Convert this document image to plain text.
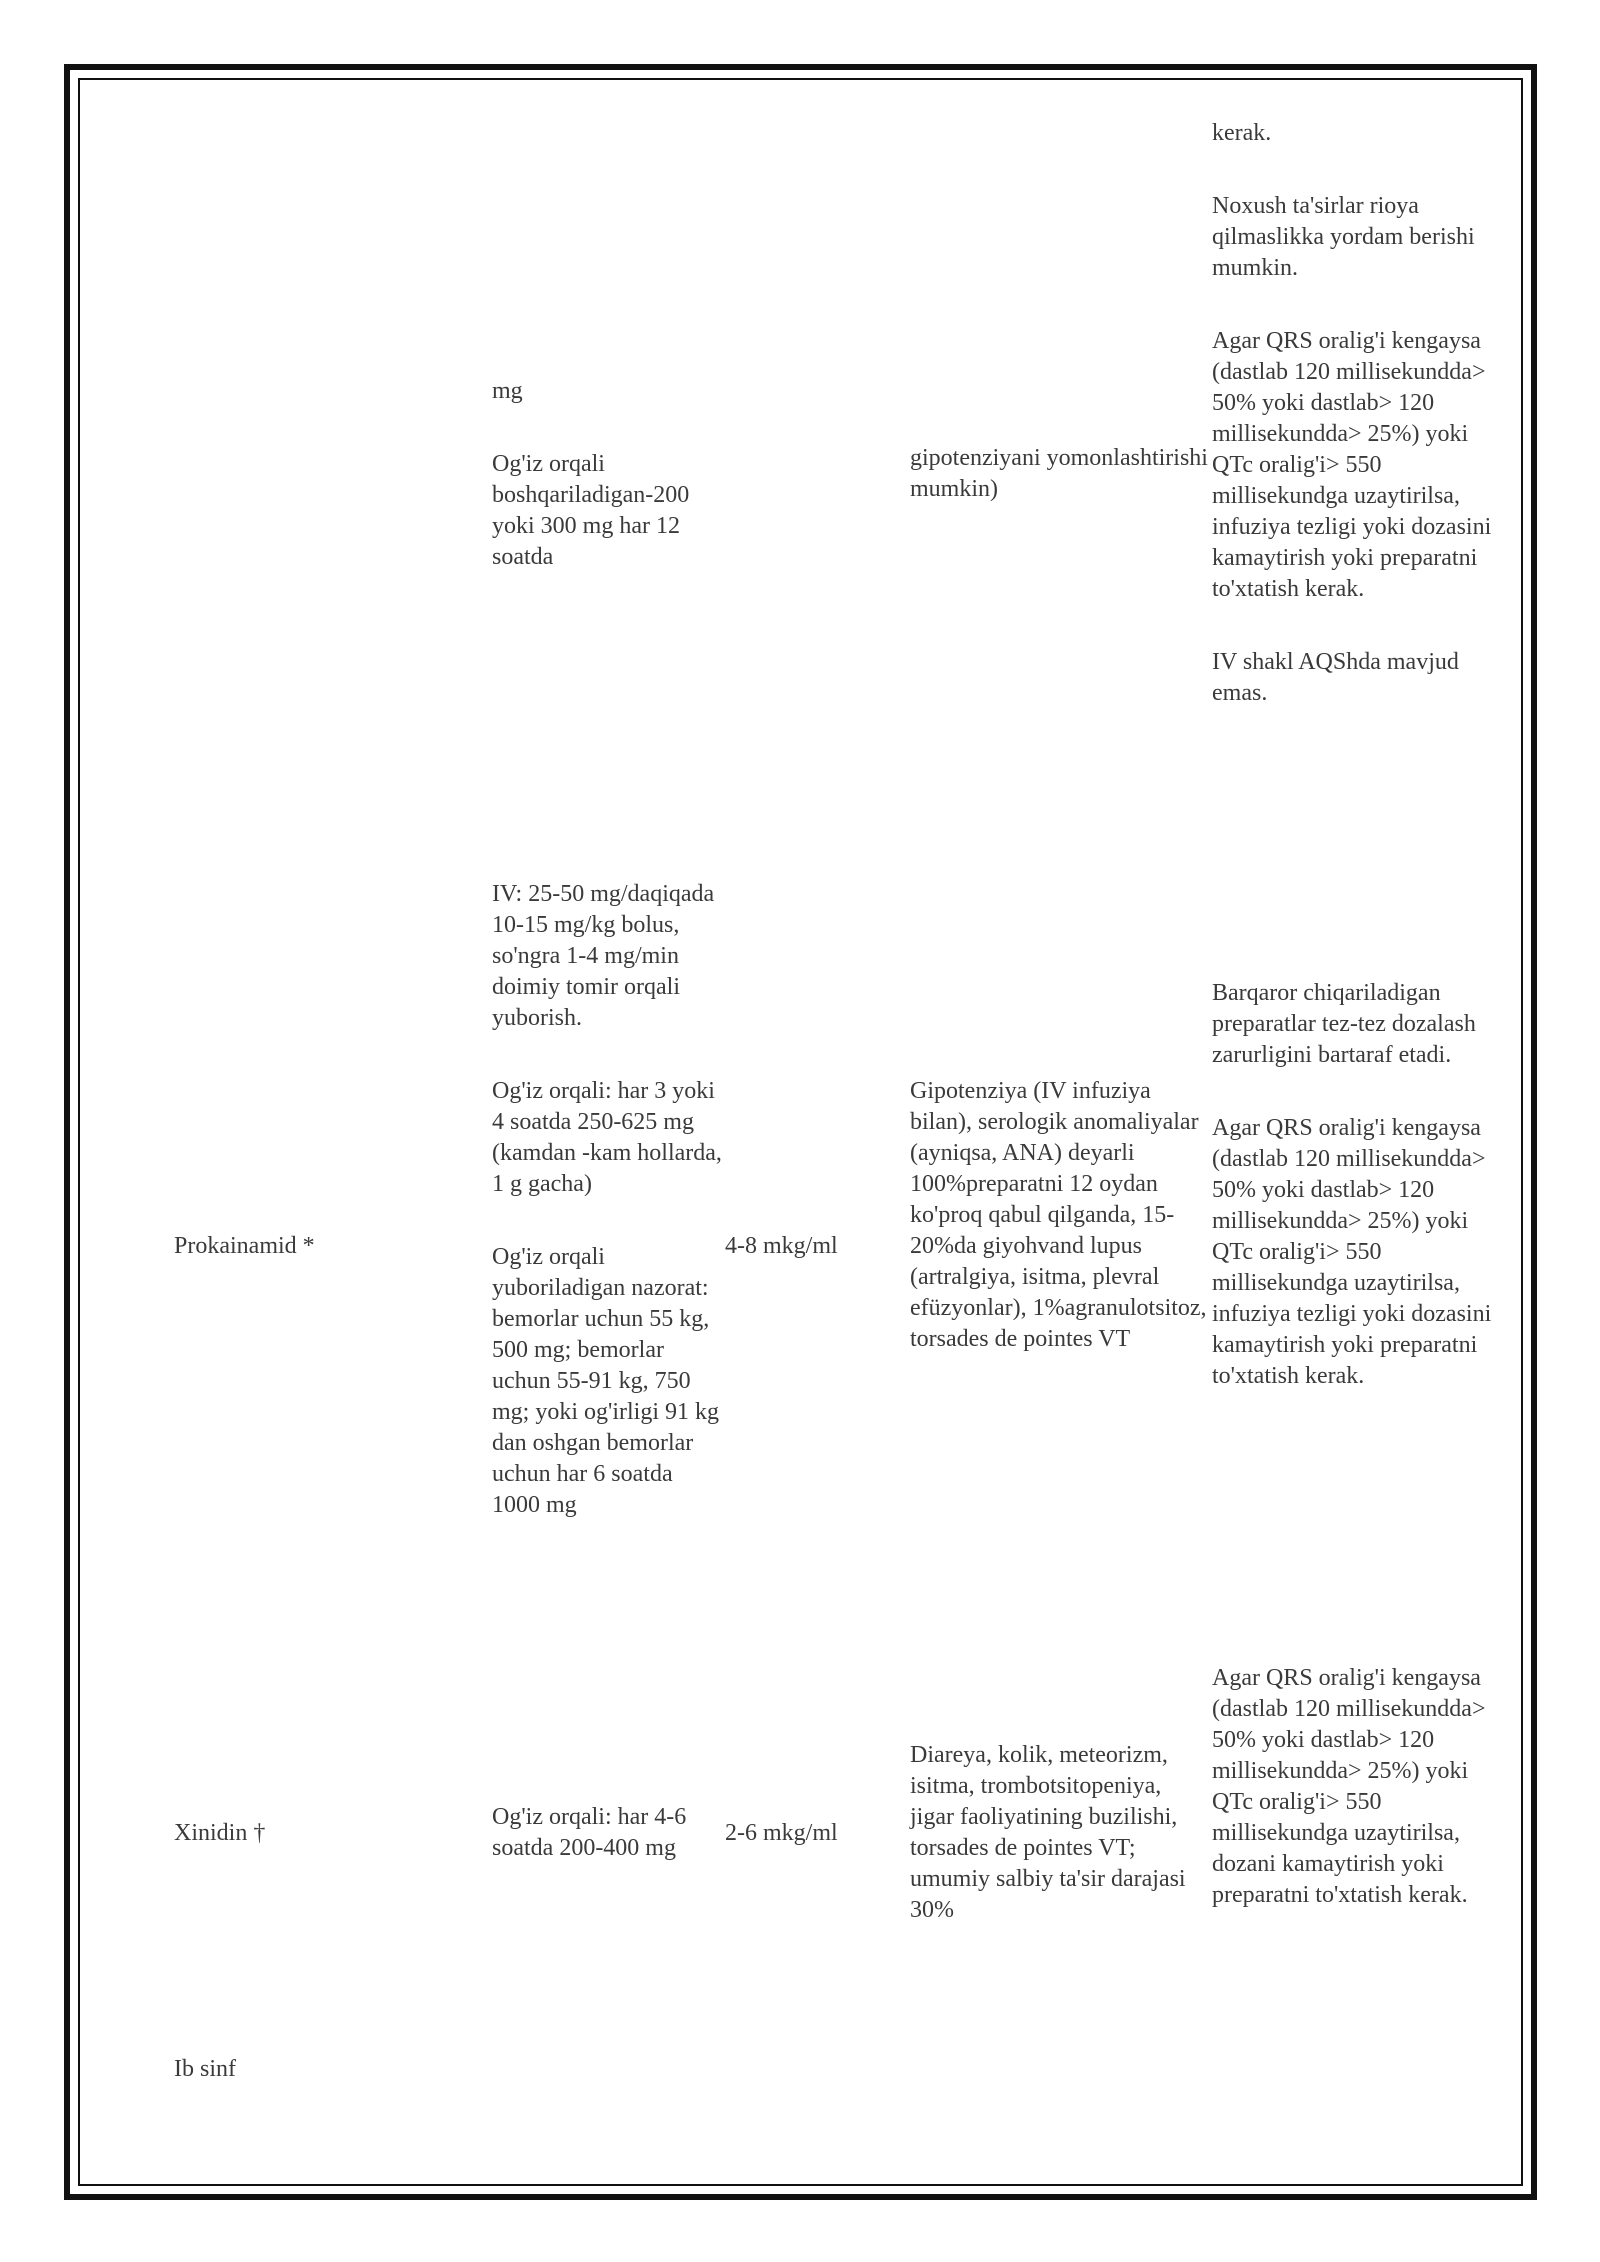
mg

Og'iz orqali boshqariladigan-200 yoki 300 mg har 12 soatda

gipotenziyani yomonlashtirishi mumkin)

kerak.

Noxush ta'sirlar rioya qilmaslikka yordam berishi mumkin.

Agar QRS oralig'i kengaysa (dastlab 120 millisekundda> 50% yoki dastlab> 120 millisekundda> 25%) yoki QTc oralig'i> 550 millisekundga uzaytirilsa, infuziya tezligi yoki dozasini kamaytirish yoki preparatni to'xtatish kerak.

IV shakl AQShda mavjud emas.

Prokainamid *

IV: 25-50 mg/daqiqada 10-15 mg/kg bolus, so'ngra 1-4 mg/min doimiy tomir orqali yuborish.

Og'iz orqali: har 3 yoki 4 soatda 250-625 mg (kamdan -kam hollarda, 1 g gacha)

Og'iz orqali yuboriladigan nazorat: bemorlar uchun 55 kg, 500 mg; bemorlar uchun 55-91 kg, 750 mg; yoki og'irligi 91 kg dan oshgan bemorlar uchun har 6 soatda 1000 mg

4-8 mkg/ml
Gipotenziya (IV infuziya bilan), serologik anomaliyalar (ayniqsa, ANA) deyarli 100%preparatni 12 oydan ko'proq qabul qilganda, 15-20%da giyohvand lupus (artralgiya, isitma, plevral efüzyonlar), 1%agranulotsitoz, torsades de pointes VT

Barqaror chiqariladigan preparatlar tez-tez dozalash zarurligini bartaraf etadi.

Agar QRS oralig'i kengaysa (dastlab 120 millisekundda> 50% yoki dastlab> 120 millisekundda> 25%) yoki QTc oralig'i> 550 millisekundga uzaytirilsa, infuziya tezligi yoki dozasini kamaytirish yoki preparatni to'xtatish kerak.

Xinidin †
Og'iz orqali: har 4-6 soatda 200-400 mg
2-6 mkg/ml
Diareya, kolik, meteorizm, isitma, trombotsitopeniya, jigar faoliyatining buzilishi, torsades de pointes VT; umumiy salbiy ta'sir darajasi 30%
Agar QRS oralig'i kengaysa (dastlab 120 millisekundda> 50% yoki dastlab> 120 millisekundda> 25%) yoki QTc oralig'i> 550 millisekundga uzaytirilsa, dozani kamaytirish yoki preparatni to'xtatish kerak.
Ib sinf
